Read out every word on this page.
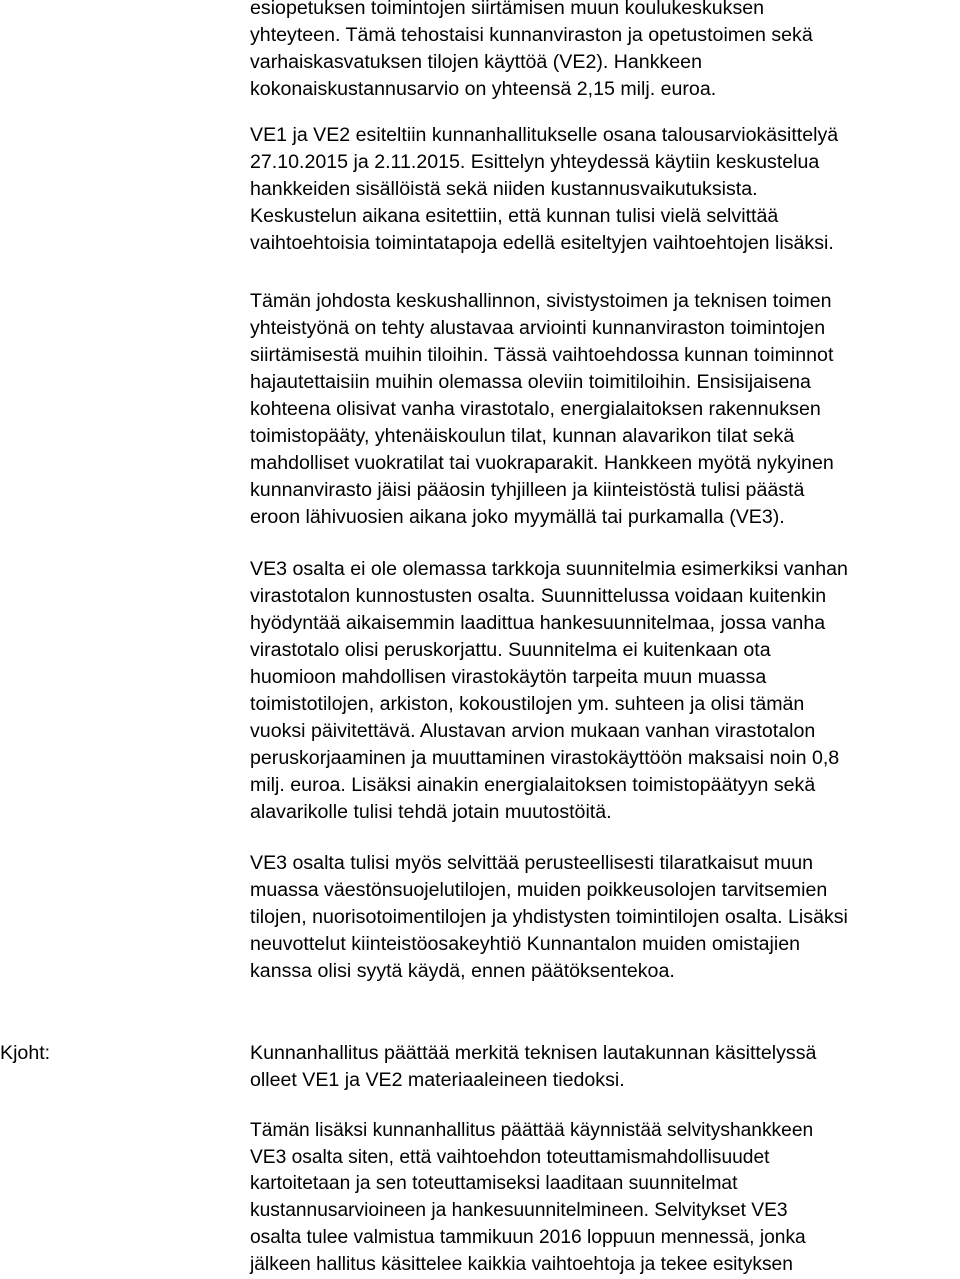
esiopetuksen toimintojen siirtämisen muun koulukeskuksen
yhteyteen. Tämä tehostaisi kunnanviraston ja opetustoimen sekä
varhaiskasvatuksen tilojen käyttöä (VE2). Hankkeen
kokonaiskustannusarvio on yhteensä 2,15 milj. euroa.
VE1 ja VE2 esiteltiin kunnanhallitukselle osana talousarviokäsittelyä
27.10.2015 ja 2.11.2015. Esittelyn yhteydessä käytiin keskustelua
hankkeiden sisällöistä sekä niiden kustannusvaikutuksista.
Keskustelun aikana esitettiin, että kunnan tulisi vielä selvittää
vaihtoehtoisia toimintatapoja edellä esiteltyjen vaihtoehtojen lisäksi.
Tämän johdosta keskushallinnon, sivistystoimen ja teknisen toimen
yhteistyönä on tehty alustavaa arviointi kunnanviraston toimintojen
siirtämisestä muihin tiloihin. Tässä vaihtoehdossa kunnan toiminnot
hajautettaisiin muihin olemassa oleviin toimitiloihin. Ensisijaisena
kohteena olisivat vanha virastotalo, energialaitoksen rakennuksen
toimistopääty, yhtenäiskoulun tilat, kunnan alavarikon tilat sekä
mahdolliset vuokratilat tai vuokraparakit. Hankkeen myötä nykyinen
kunnanvirasto jäisi pääosin tyhjilleen ja kiinteistöstä tulisi päästä
eroon lähivuosien aikana joko myymällä tai purkamalla (VE3).
VE3 osalta ei ole olemassa tarkkoja suunnitelmia esimerkiksi vanhan
virastotalon kunnostusten osalta. Suunnittelussa voidaan kuitenkin
hyödyntää aikaisemmin laadittua hankesuunnitelmaa, jossa vanha
virastotalo olisi peruskorjattu. Suunnitelma ei kuitenkaan ota
huomioon mahdollisen virastokäytön tarpeita muun muassa
toimistotilojen, arkiston, kokoustilojen ym. suhteen ja olisi tämän
vuoksi päivitettävä. Alustavan arvion mukaan vanhan virastotalon
peruskorjaaminen ja muuttaminen virastokäyttöön maksaisi noin 0,8
milj. euroa. Lisäksi ainakin energialaitoksen toimistopäätyyn sekä
alavarikolle tulisi tehdä jotain muutostöitä.
VE3 osalta tulisi myös selvittää perusteellisesti tilaratkaisut muun
muassa väestönsuojelutilojen, muiden poikkeusolojen tarvitsemien
tilojen, nuorisotoimentilojen ja yhdistysten toimintilojen osalta. Lisäksi
neuvottelut kiinteistöosakeyhtiö Kunnantalon muiden omistajien
kanssa olisi syytä käydä, ennen päätöksentekoa.
Kjoht:	Kunnanhallitus päättää merkitä teknisen lautakunnan käsittelyssä
olleet VE1 ja VE2 materiaaleineen tiedoksi.
Tämän lisäksi kunnanhallitus päättää käynnistää selvityshankkeen
VE3 osalta siten, että vaihtoehdon toteuttamismahdollisuudet
kartoitetaan ja sen toteuttamiseksi laaditaan suunnitelmat
kustannusarvioineen ja hankesuunnitelmineen. Selvitykset VE3
osalta tulee valmistua tammikuun 2016 loppuun mennessä, jonka
jälkeen hallitus käsittelee kaikkia vaihtoehtoja ja tekee esityksen
